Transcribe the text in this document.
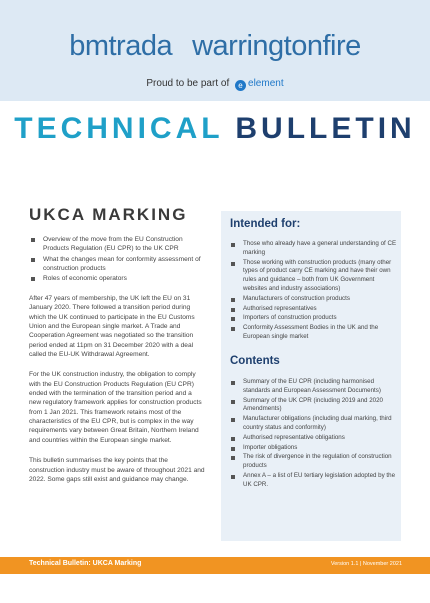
bmtrada warringtonfire
Proud to be part of e element
TECHNICAL BULLETIN
UKCA MARKING
Overview of the move from the EU Construction Products Regulation (EU CPR) to the UK CPR
What the changes mean for conformity assessment of construction products
Roles of economic operators

After 47 years of membership, the UK left the EU on 31 January 2020. There followed a transition period during which the UK continued to participate in the EU Customs Union and the European single market. A Trade and Cooperation Agreement was negotiated so the transition period ended at 11pm on 31 December 2020 with a deal called the EU-UK Withdrawal Agreement.

For the UK construction industry, the obligation to comply with the EU Construction Products Regulation (EU CPR) ended with the termination of the transition period and a new regulatory framework applies for construction products from 1 Jan 2021. This framework retains most of the characteristics of the EU CPR, but is complex in the way requirements vary between Great Britain, Northern Ireland and countries within the European single market.

This bulletin summarises the key points that the construction industry must be aware of throughout 2021 and 2022. Some gaps still exist and guidance may change.

Intended for:
Those who already have a general understanding of CE marking
Those working with construction products (many other types of product carry CE marking and have their own rules and guidance – both from UK Government websites and industry associations)
Manufacturers of construction products
Authorised representatives
Importers of construction products
Conformity Assessment Bodies in the UK and the European single market
Contents
Summary of the EU CPR (including harmonised standards and European Assessment Documents)
Summary of the UK CPR (including 2019 and 2020 Amendments)
Manufacturer obligations (including dual marking, third country status and conformity)
Authorised representative obligations
Importer obligations
The risk of divergence in the regulation of construction products
Annex A – a list of EU tertiary legislation adopted by the UK CPR.
Technical Bulletin: UKCA Marking	Version 1.1 | November 2021
